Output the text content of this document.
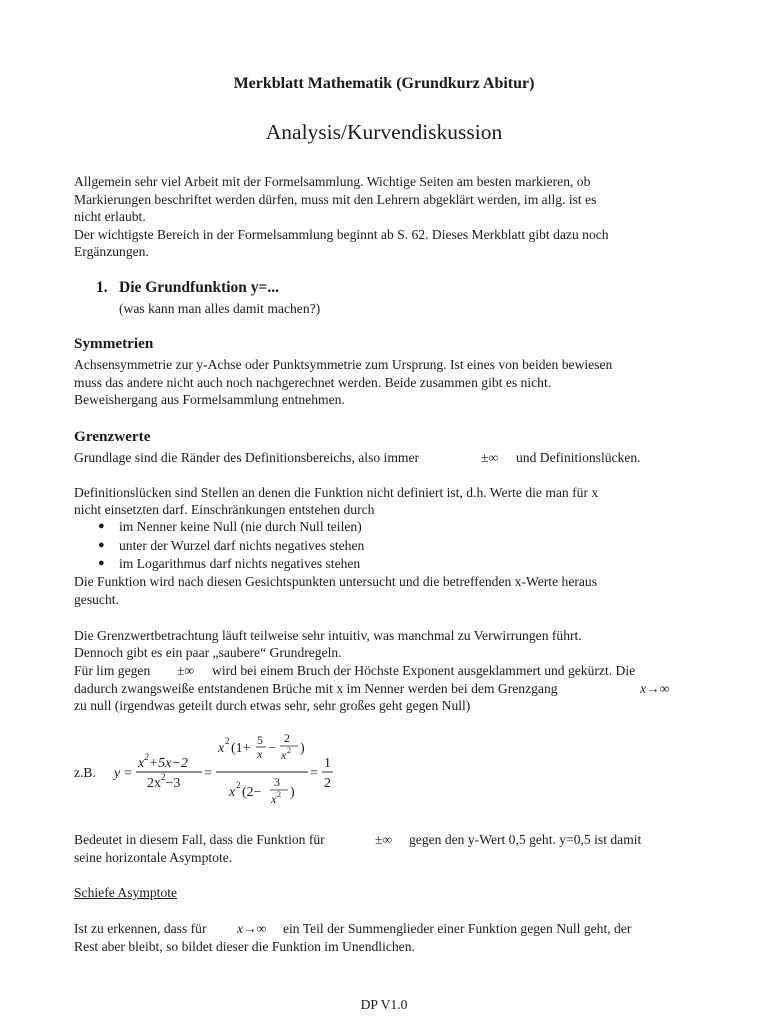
Merkblatt Mathematik (Grundkurz Abitur)
Analysis/Kurvendiskussion
Allgemein sehr viel Arbeit mit der Formelsammlung. Wichtige Seiten am besten markieren, ob
Markierungen beschriftet werden dürfen, muss mit den Lehrern abgeklärt werden, im allg. ist es
nicht erlaubt.
Der wichtigste Bereich in der Formelsammlung beginnt ab S. 62. Dieses Merkblatt gibt dazu noch
Ergänzungen.
1. Die Grundfunktion y=...
(was kann man alles damit machen?)
Symmetrien
Achsensymmetrie zur y-Achse oder Punktsymmetrie zum Ursprung. Ist eines von beiden bewiesen
muss das andere nicht auch noch nachgerechnet werden. Beide zusammen gibt es nicht.
Beweishergang aus Formelsammlung entnehmen.
Grenzwerte
Grundlage sind die Ränder des Definitionsbereichs, also immer	±∞ und Definitionslücken.
Definitionslücken sind Stellen an denen die Funktion nicht definiert ist, d.h. Werte die man für x
nicht einsetzten darf. Einschränkungen entstehen durch
● im Nenner keine Null (nie durch Null teilen)
● unter der Wurzel darf nichts negatives stehen
● im Logarithmus darf nichts negatives stehen
Die Funktion wird nach diesen Gesichtspunkten untersucht und die betreffenden x-Werte heraus
gesucht.
Die Grenzwertbetrachtung läuft teilweise sehr intuitiv, was manchmal zu Verwirrungen führt.
Dennoch gibt es ein paar „saubere“ Grundregeln.
Für lim gegen ±∞ wird bei einem Bruch der Höchste Exponent ausgeklammert und gekürzt. Die
dadurch zwangsweiße entstandenen Brüche mit x im Nenner werden bei dem Grenzgang	x→∞
zu null (irgendwas geteilt durch etwas sehr, sehr großes geht gegen Null)
z.B. y =
$x^2+5x-2$
$2x^2-3$
=
x 2 (1+
5
x −
2
x 2 )
x 2 (2−
3
x 2 )
=
1
2
Bedeutet in diesem Fall, dass die Funktion für	±∞ gegen den y-Wert 0,5 geht. y=0,5 ist damit
seine horizontale Asymptote.
Schiefe Asymptote
Ist zu erkennen, dass für x→∞ ein Teil der Summenglieder einer Funktion gegen Null geht, der
Rest aber bleibt, so bildet dieser die Funktion im Unendlichen.
DP V1.0
